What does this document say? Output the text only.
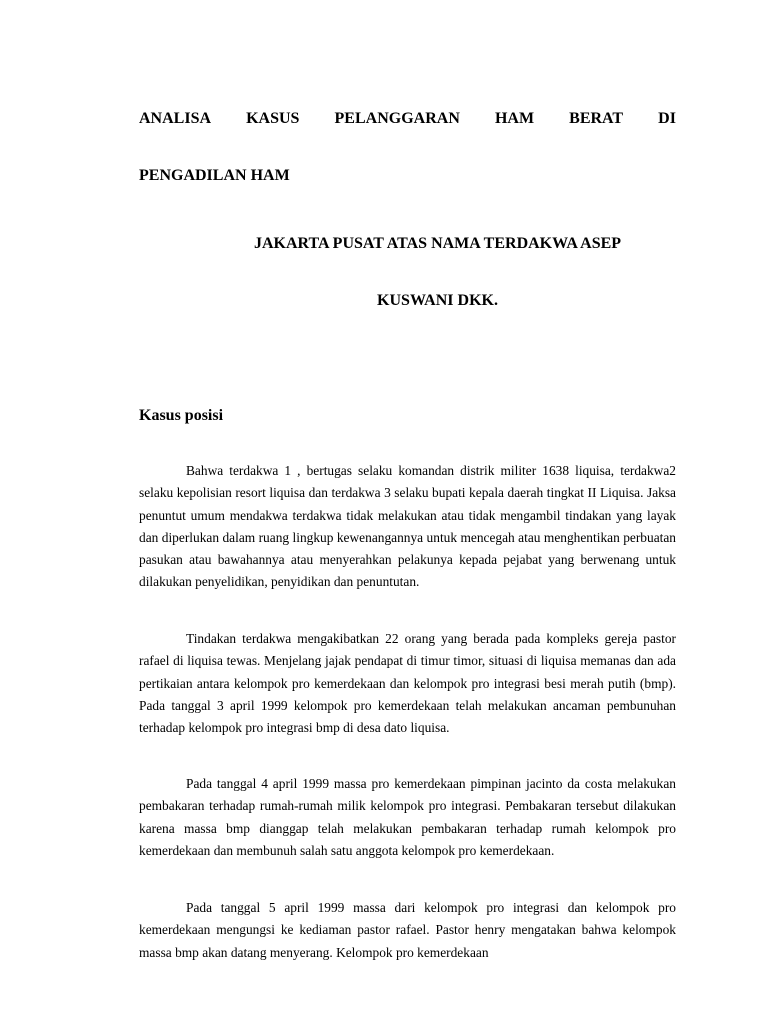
ANALISA KASUS PELANGGARAN HAM BERAT DI
PENGADILAN HAM
JAKARTA PUSAT ATAS NAMA TERDAKWA ASEP
KUSWANI DKK.
Kasus posisi

Bahwa terdakwa 1 , bertugas selaku komandan distrik militer 1638 liquisa, terdakwa2 selaku kepolisian resort liquisa dan terdakwa 3 selaku bupati kepala daerah tingkat II Liquisa. Jaksa penuntut umum mendakwa terdakwa tidak melakukan atau tidak mengambil tindakan yang layak dan diperlukan dalam ruang lingkup kewenangannya untuk mencegah atau menghentikan perbuatan pasukan atau bawahannya atau menyerahkan pelakunya kepada pejabat yang berwenang untuk dilakukan penyelidikan, penyidikan dan penuntutan.

Tindakan terdakwa mengakibatkan 22 orang yang berada pada kompleks gereja pastor rafael di liquisa tewas. Menjelang jajak pendapat di timur timor, situasi di liquisa memanas dan ada pertikaian antara kelompok pro kemerdekaan dan kelompok pro integrasi besi merah putih (bmp). Pada tanggal 3 april 1999 kelompok pro kemerdekaan telah melakukan ancaman pembunuhan terhadap kelompok pro integrasi bmp di desa dato liquisa.

Pada tanggal 4 april 1999 massa pro kemerdekaan pimpinan jacinto da costa melakukan pembakaran terhadap rumah-rumah milik kelompok pro integrasi. Pembakaran tersebut dilakukan karena massa bmp dianggap telah melakukan pembakaran terhadap rumah kelompok pro kemerdekaan dan membunuh salah satu anggota kelompok pro kemerdekaan.

Pada tanggal 5 april 1999 massa dari kelompok pro integrasi dan kelompok pro kemerdekaan mengungsi ke kediaman pastor rafael. Pastor henry mengatakan bahwa kelompok massa bmp akan datang menyerang. Kelompok pro kemerdekaan
